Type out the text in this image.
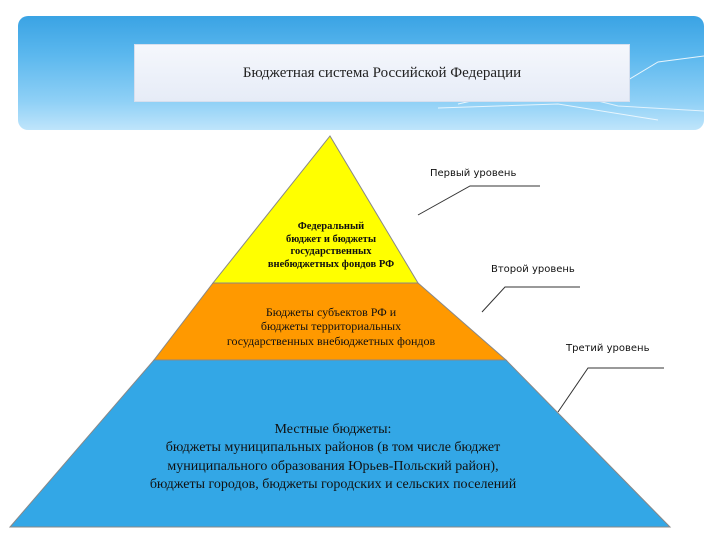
Бюджетная система Российской Федерации
Федеральный
бюджет и бюджеты
государственных
внебюджетных фондов РФ
Бюджеты субъектов РФ и
бюджеты территориальных
государственных внебюджетных фондов
Местные бюджеты:
бюджеты муниципальных районов (в том числе бюджет
муниципального образования Юрьев-Польский район),
бюджеты городов, бюджеты городских и сельских поселений
Первый уровень
Второй уровень
Третий уровень
